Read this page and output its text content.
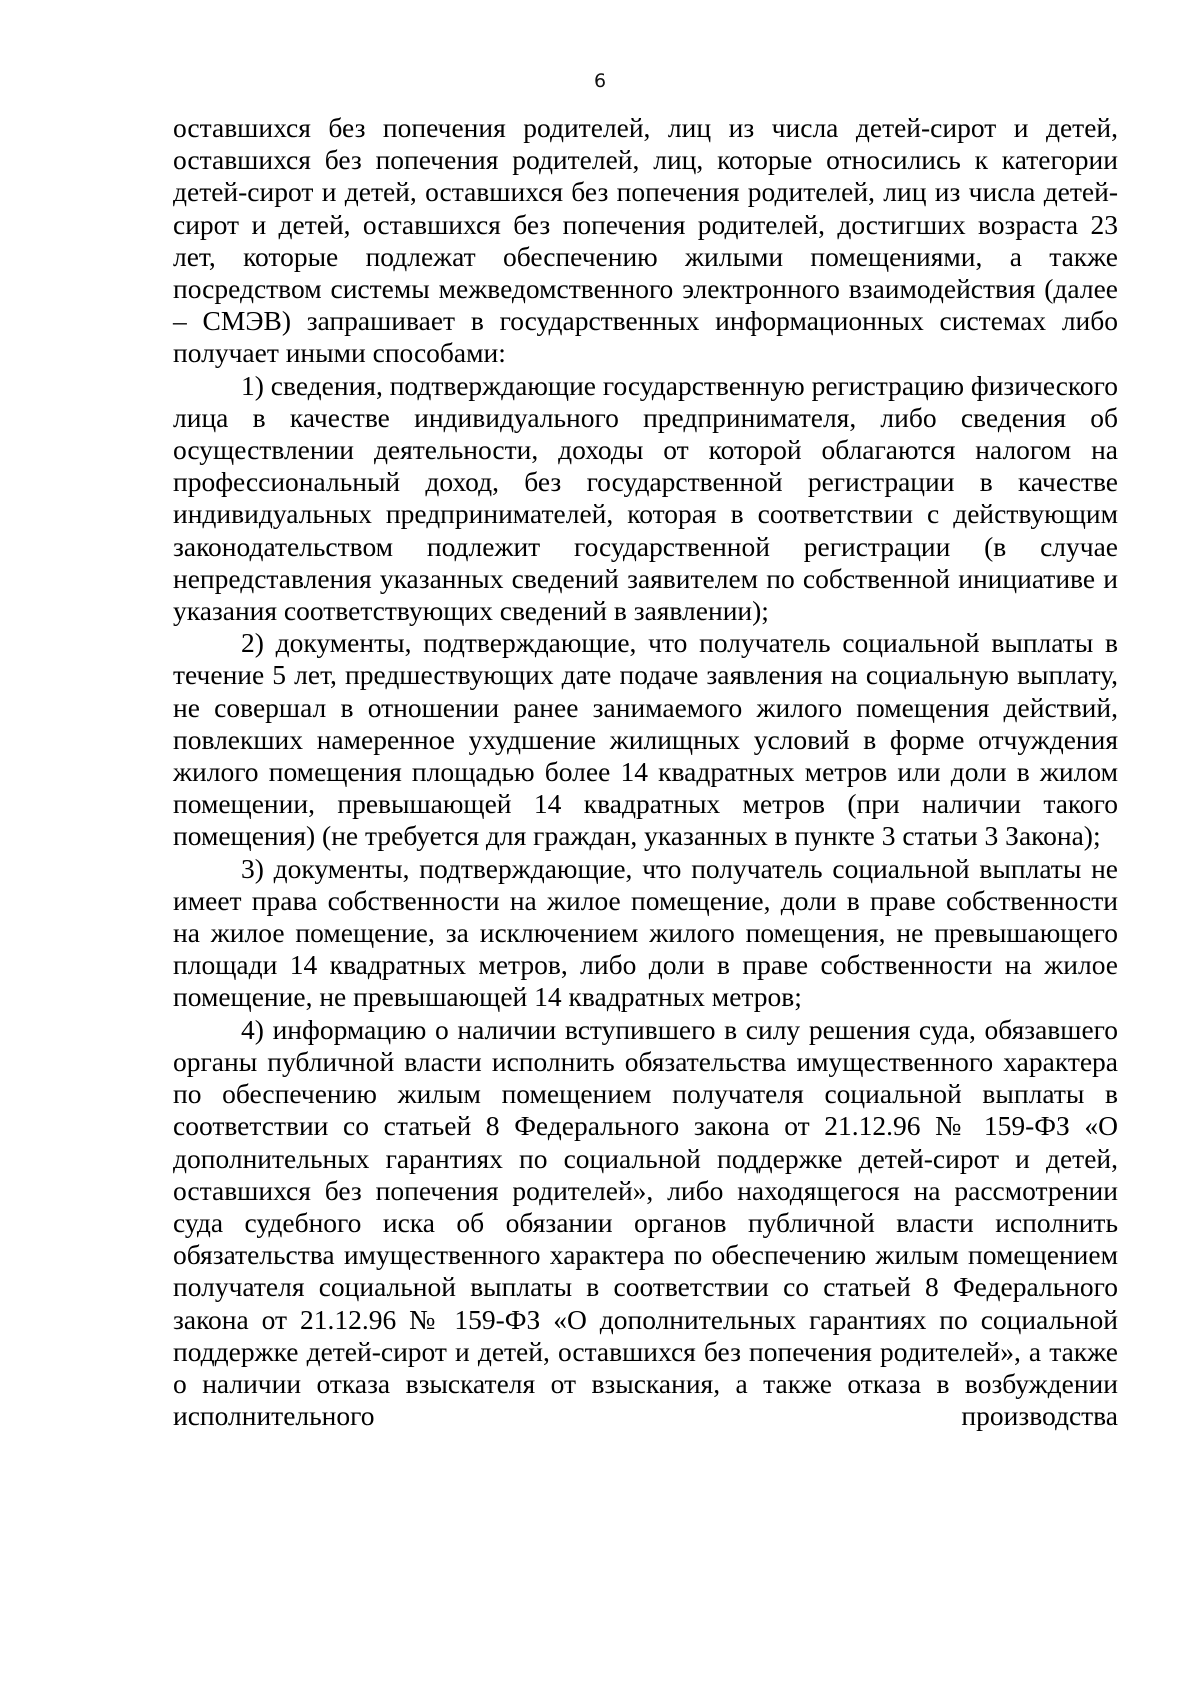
6

оставшихся без попечения родителей, лиц из числа детей-сирот и детей, оставшихся без попечения родителей, лиц, которые относились к категории детей-сирот и детей, оставшихся без попечения родителей, лиц из числа детей-сирот и детей, оставшихся без попечения родителей, достигших возраста 23 лет, которые подлежат обеспечению жилыми помещениями, а также посредством системы межведомственного электронного взаимодействия (далее – СМЭВ) запрашивает в государственных информационных системах либо получает иными способами:

1) сведения, подтверждающие государственную регистрацию физического лица в качестве индивидуального предпринимателя, либо сведения об осуществлении деятельности, доходы от которой облагаются налогом на профессиональный доход, без государственной регистрации в качестве индивидуальных предпринимателей, которая в соответствии с действующим законодательством подлежит государственной регистрации (в случае непредставления указанных сведений заявителем по собственной инициативе и указания соответствующих сведений в заявлении);

2) документы, подтверждающие, что получатель социальной выплаты в течение 5 лет, предшествующих дате подаче заявления на социальную выплату, не совершал в отношении ранее занимаемого жилого помещения действий, повлекших намеренное ухудшение жилищных условий в форме отчуждения жилого помещения площадью более 14 квадратных метров или доли в жилом помещении, превышающей 14 квадратных метров (при наличии такого помещения) (не требуется для граждан, указанных в пункте 3 статьи 3 Закона);

3) документы, подтверждающие, что получатель социальной выплаты не имеет права собственности на жилое помещение, доли в праве собственности на жилое помещение, за исключением жилого помещения, не превышающего площади 14 квадратных метров, либо доли в праве собственности на жилое помещение, не превышающей 14 квадратных метров;

4) информацию о наличии вступившего в силу решения суда, обязавшего органы публичной власти исполнить обязательства имущественного характера по обеспечению жилым помещением получателя социальной выплаты в соответствии со статьей 8 Федерального закона от 21.12.96 № 159-ФЗ «О дополнительных гарантиях по социальной поддержке детей-сирот и детей, оставшихся без попечения родителей», либо находящегося на рассмотрении суда судебного иска об обязании органов публичной власти исполнить обязательства имущественного характера по обеспечению жилым помещением получателя социальной выплаты в соответствии со статьей 8 Федерального закона от 21.12.96 № 159-ФЗ «О дополнительных гарантиях по социальной поддержке детей-сирот и детей, оставшихся без попечения родителей», а также о наличии отказа взыскателя от взыскания, а также отказа в возбуждении исполнительного производства
